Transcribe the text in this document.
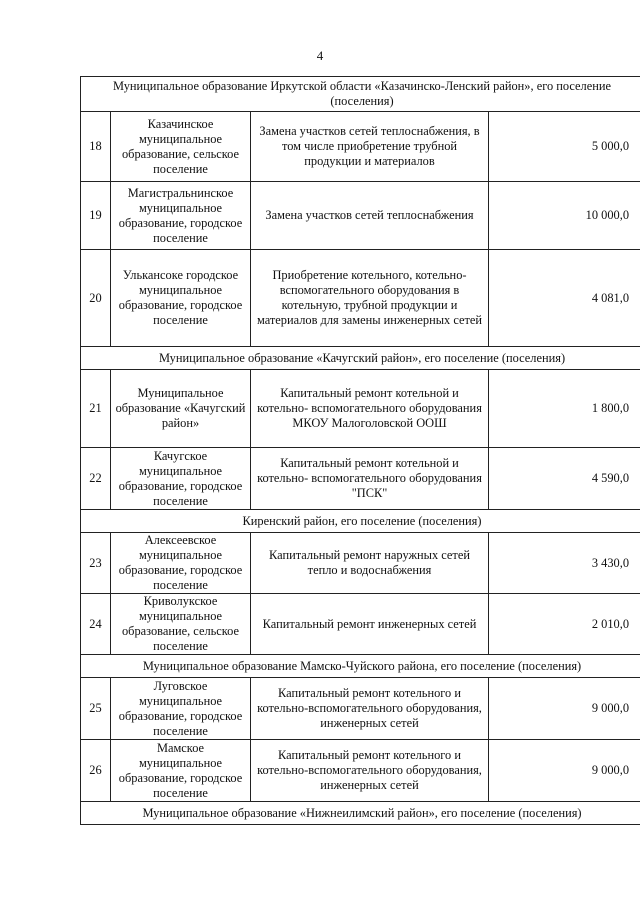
4
Муниципальное образование Иркутской области «Казачинско-Ленский район», его поселение (поселения)			
18	Казачинское муниципальное образование, сельское поселение	Замена участков сетей теплоснабжения, в том числе приобретение трубной продукции и материалов	5 000,0
19	Магистральнинское муниципальное образование, городское поселение	Замена участков сетей теплоснабжения	10 000,0
20	Улькансоке городское муниципальное образование, городское поселение	Приобретение котельного, котельно-вспомогательного оборудования в котельную, трубной продукции и материалов для замены инженерных сетей	4 081,0
Муниципальное образование «Качугский район», его поселение (поселения)			
21	Муниципальное образование «Качугский район»	Капитальный ремонт котельной и котельно- вспомогательного оборудования МКОУ Малоголовской ООШ	1 800,0
22	Качугское муниципальное образование, городское поселение	Капитальный ремонт котельной и котельно- вспомогательного оборудования "ПСК"	4 590,0
Киренский район, его поселение (поселения)			
23	Алексеевское муниципальное образование, городское поселение	Капитальный ремонт наружных сетей тепло и водоснабжения	3 430,0
24	Криволукское муниципальное образование, сельское поселение	Капитальный ремонт инженерных сетей	2 010,0
Муниципальное образование Мамско-Чуйского района, его поселение (поселения)			
25	Луговское муниципальное образование, городское поселение	Капитальный ремонт котельного и котельно-вспомогательного оборудования, инженерных сетей	9 000,0
26	Мамское муниципальное образование, городское поселение	Капитальный ремонт котельного и котельно-вспомогательного оборудования, инженерных сетей	9 000,0
Муниципальное образование «Нижнеилимский район», его поселение (поселения)			
